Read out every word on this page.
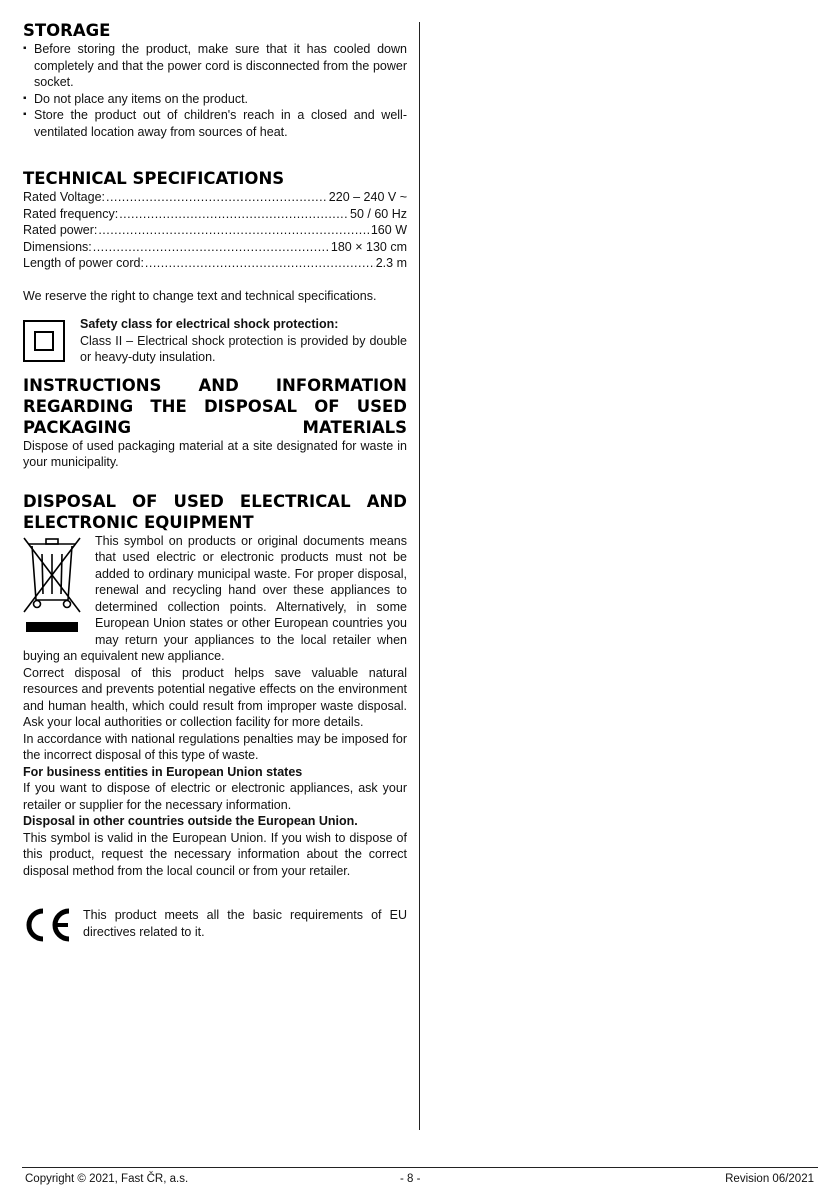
STORAGE
▪ Before storing the product, make sure that it has cooled down completely and that the power cord is disconnected from the power socket.
▪ Do not place any items on the product.
▪ Store the product out of children's reach in a closed and well-ventilated location away from sources of heat.
TECHNICAL SPECIFICATIONS
Rated Voltage: . . .	220 – 240 V ~
Rated frequency: . . .	50 / 60 Hz
Rated power: . . .	160 W
Dimensions: . . .	180 × 130 cm
Length of power cord: . . .	2.3 m

We reserve the right to change text and technical specifications.

Safety class for electrical shock protection:

Class II – Electrical shock protection is provided by double or heavy-duty insulation.

INSTRUCTIONS AND INFORMATION REGARDING THE DISPOSAL OF USED PACKAGING MATERIALS

Dispose of used packaging material at a site designated for waste in your municipality.

DISPOSAL OF USED ELECTRICAL AND
ELECTRONIC EQUIPMENT

This symbol on products or original documents means that used electric or electronic products must not be added to ordinary municipal waste. For proper disposal, renewal and recycling hand over these appliances to determined collection points. Alternatively, in some European Union states or other European countries you may return your appliances to the local retailer when buying an equivalent new appliance.

Correct disposal of this product helps save valuable natural resources and prevents potential negative effects on the environment and human health, which could result from improper waste disposal. Ask your local authorities or collection facility for more details.

In accordance with national regulations penalties may be imposed for the incorrect disposal of this type of waste.

For business entities in European Union states

If you want to dispose of electric or electronic appliances, ask your retailer or supplier for the necessary information.

Disposal in other countries outside the European Union.

This symbol is valid in the European Union. If you wish to dispose of this product, request the necessary information about the correct disposal method from the local council or from your retailer.

This product meets all the basic requirements of EU directives related to it.
Copyright © 2021, Fast ČR, a.s.	- 8 -	Revision 06/2021
